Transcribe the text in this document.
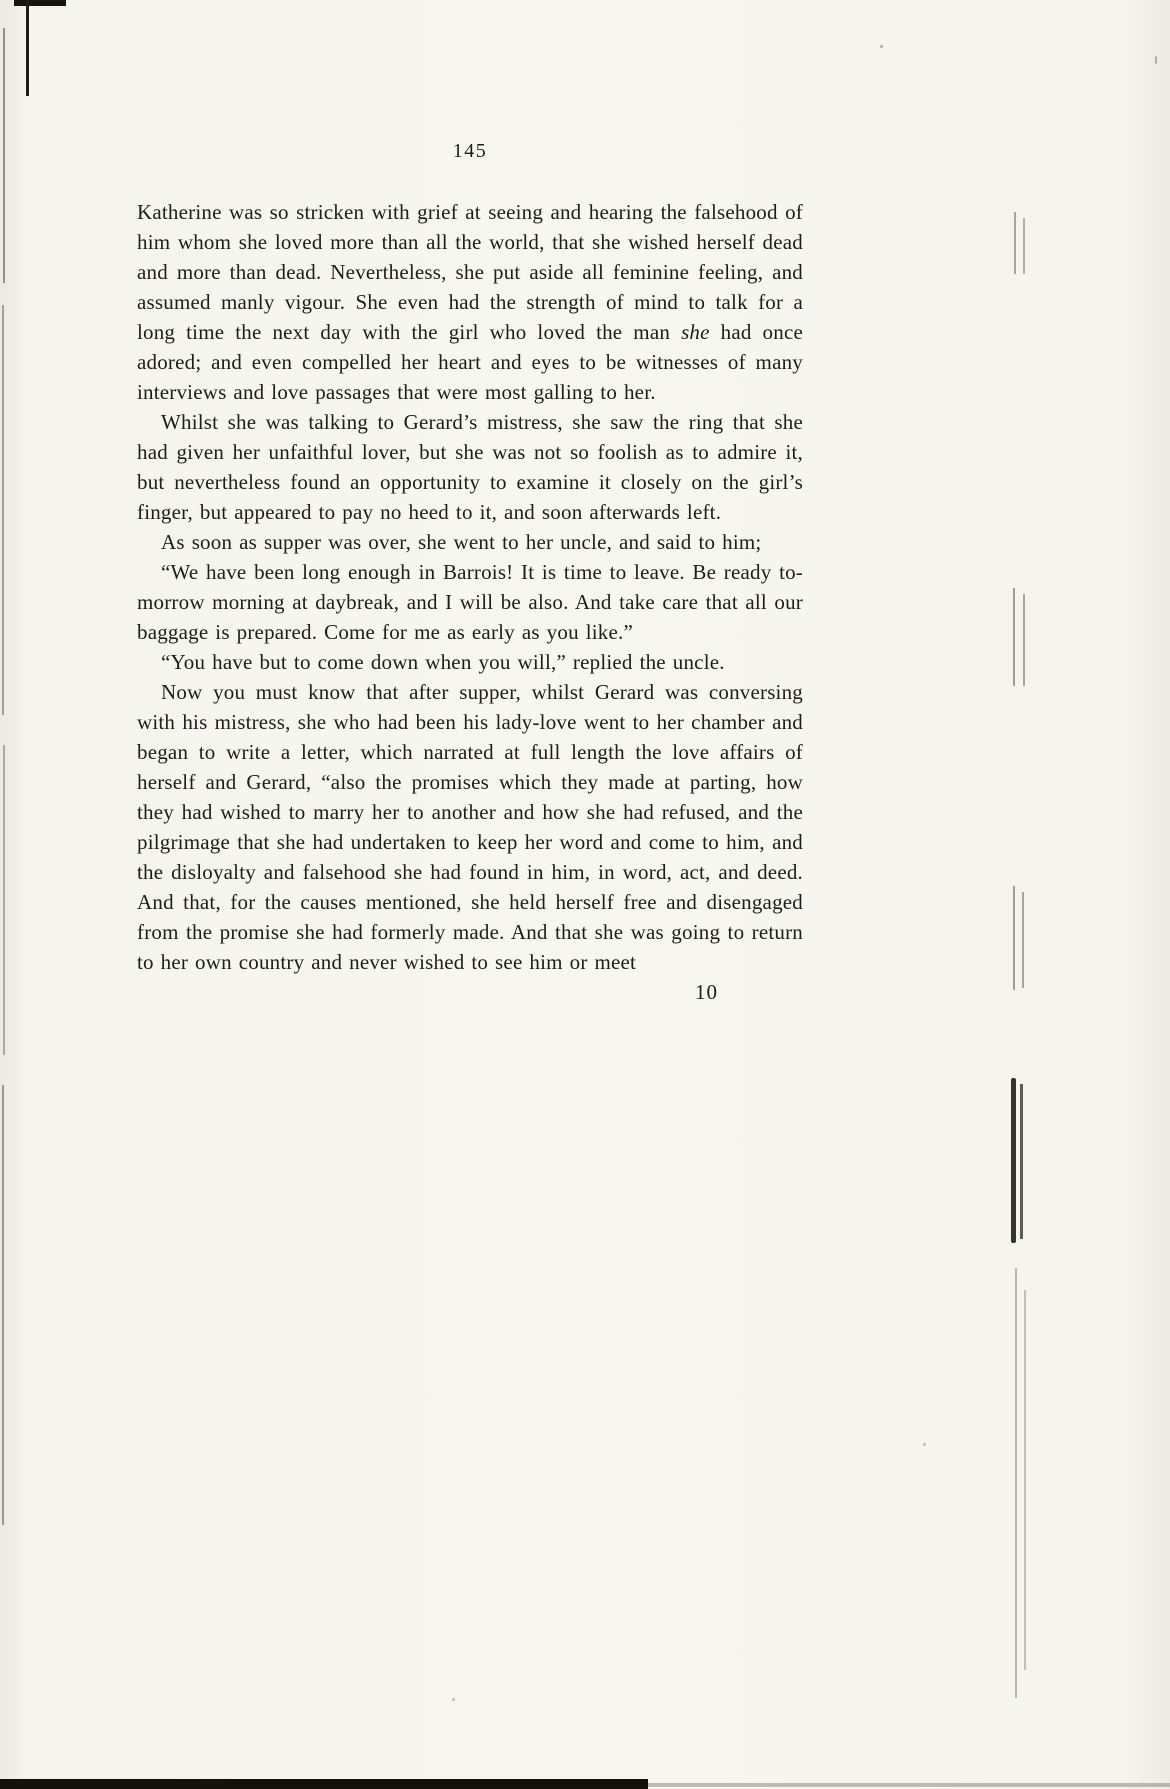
145

Katherine was so stricken with grief at seeing and hearing the falsehood of him whom she loved more than all the world, that she wished herself dead and more than dead. Nevertheless, she put aside all feminine feeling, and assumed manly vigour. She even had the strength of mind to talk for a long time the next day with the girl who loved the man she had once adored; and even compelled her heart and eyes to be witnesses of many interviews and love passages that were most galling to her.

Whilst she was talking to Gerard’s mistress, she saw the ring that she had given her unfaithful lover, but she was not so foolish as to admire it, but nevertheless found an opportunity to examine it closely on the girl’s finger, but appeared to pay no heed to it, and soon afterwards left.

As soon as supper was over, she went to her uncle, and said to him;

“We have been long enough in Barrois! It is time to leave. Be ready to-morrow morning at daybreak, and I will be also. And take care that all our baggage is prepared. Come for me as early as you like.”

“You have but to come down when you will,” replied the uncle.

Now you must know that after supper, whilst Gerard was conversing with his mistress, she who had been his lady-love went to her chamber and began to write a letter, which narrated at full length the love affairs of herself and Gerard, “also the promises which they made at parting, how they had wished to marry her to another and how she had refused, and the pilgrimage that she had undertaken to keep her word and come to him, and the disloyalty and falsehood she had found in him, in word, act, and deed. And that, for the causes mentioned, she held herself free and disengaged from the promise she had formerly made. And that she was going to return to her own country and never wished to see him or meet

10
